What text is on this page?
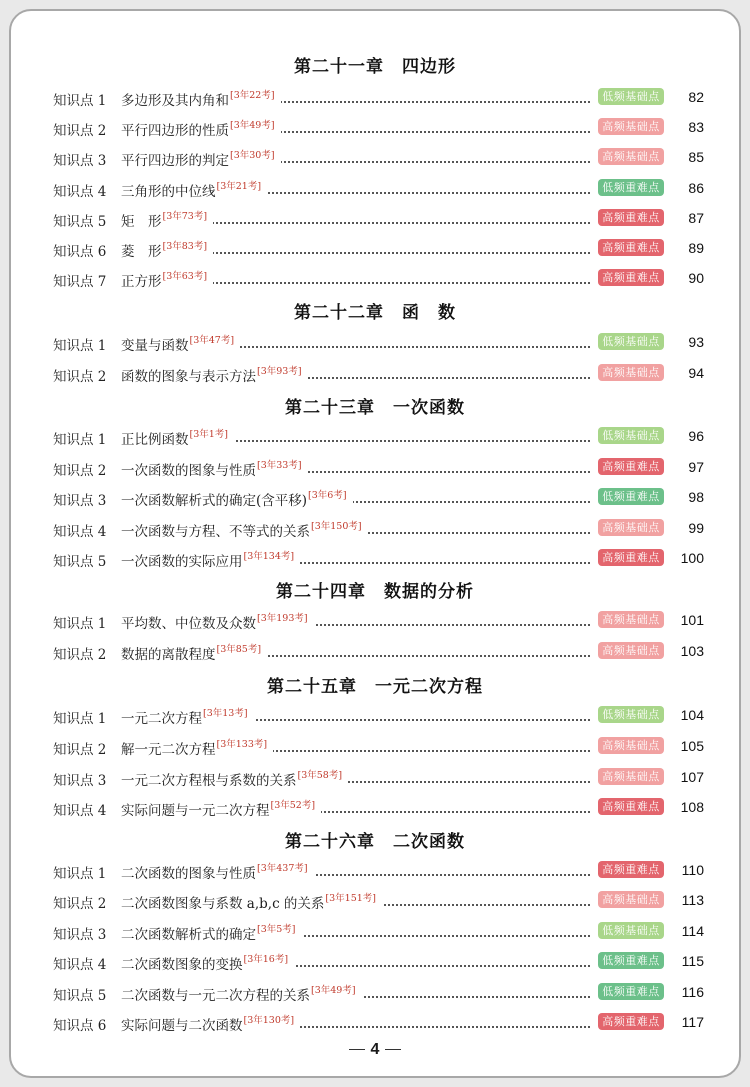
第二十一章　四边形
知识点 1 多边形及其内角和[3年22考]	低频基础点	82
知识点 2 平行四边形的性质[3年49考]	高频基础点	83
知识点 3 平行四边形的判定[3年30考]	高频基础点	85
知识点 4 三角形的中位线[3年21考]	低频重难点	86
知识点 5 矩　形[3年73考]	高频重难点	87
知识点 6 菱　形[3年83考]	高频重难点	89
知识点 7 正方形[3年63考]	高频重难点	90
第二十二章　函　数
知识点 1 变量与函数[3年47考]	低频基础点	93
知识点 2 函数的图象与表示方法[3年93考]	高频基础点	94
第二十三章　一次函数
知识点 1 正比例函数[3年1考]	低频基础点	96
知识点 2 一次函数的图象与性质[3年33考]	高频重难点	97
知识点 3 一次函数解析式的确定(含平移)[3年6考]	低频重难点	98
知识点 4 一次函数与方程、不等式的关系[3年150考]	高频基础点	99
知识点 5 一次函数的实际应用[3年134考]	高频重难点	100
第二十四章　数据的分析
知识点 1 平均数、中位数及众数[3年193考]	高频基础点	101
知识点 2 数据的离散程度[3年85考]	高频基础点	103
第二十五章　一元二次方程
知识点 1 一元二次方程[3年13考]	低频基础点	104
知识点 2 解一元二次方程[3年133考]	高频基础点	105
知识点 3 一元二次方程根与系数的关系[3年58考]	高频基础点	107
知识点 4 实际问题与一元二次方程[3年52考]	高频重难点	108
第二十六章　二次函数
知识点 1 二次函数的图象与性质[3年437考]	高频重难点	110
知识点 2 二次函数图象与系数 a,b,c 的关系[3年151考]	高频基础点	113
知识点 3 二次函数解析式的确定[3年5考]	低频基础点	114
知识点 4 二次函数图象的变换[3年16考]	低频重难点	115
知识点 5 二次函数与一元二次方程的关系[3年49考]	低频重难点	116
知识点 6 实际问题与二次函数[3年130考]	高频重难点	117
4
